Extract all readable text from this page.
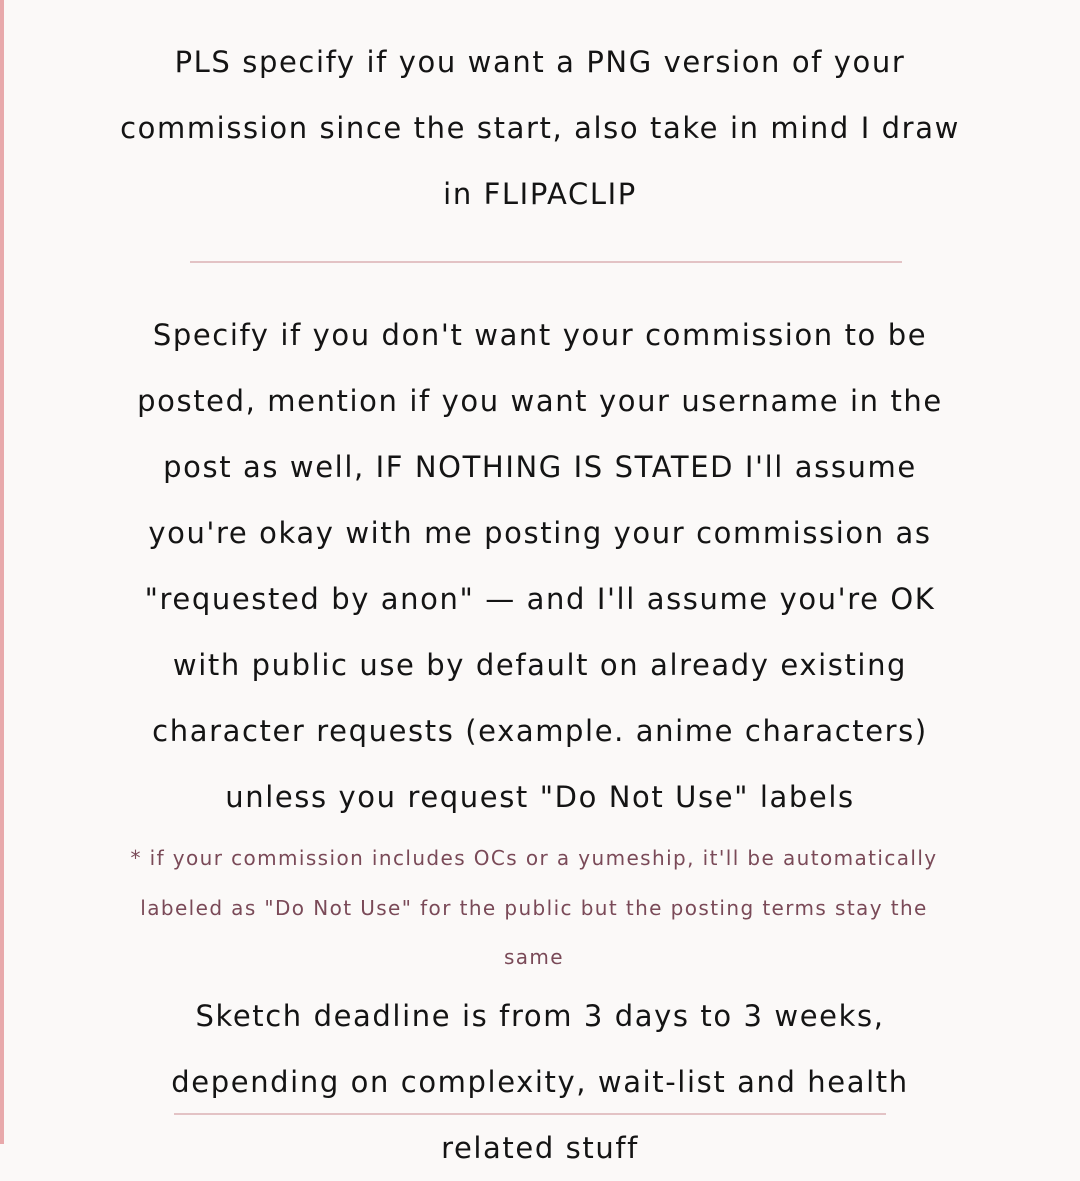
PLS specify if you want a PNG version of your commission since the start, also take in mind I draw in FLIPACLIP

Specify if you don't want your commission to be posted, mention if you want your username in the post as well, IF NOTHING IS STATED I'll assume you're okay with me posting your commission as "requested by anon" — and I'll assume you're OK with public use by default on already existing character requests (example. anime characters) unless you request "Do Not Use" labels

* if your commission includes OCs or a yumeship, it'll be automatically labeled as "Do Not Use" for the public but the posting terms stay the same

Sketch deadline is from 3 days to 3 weeks, depending on complexity, wait-list and health related stuff
